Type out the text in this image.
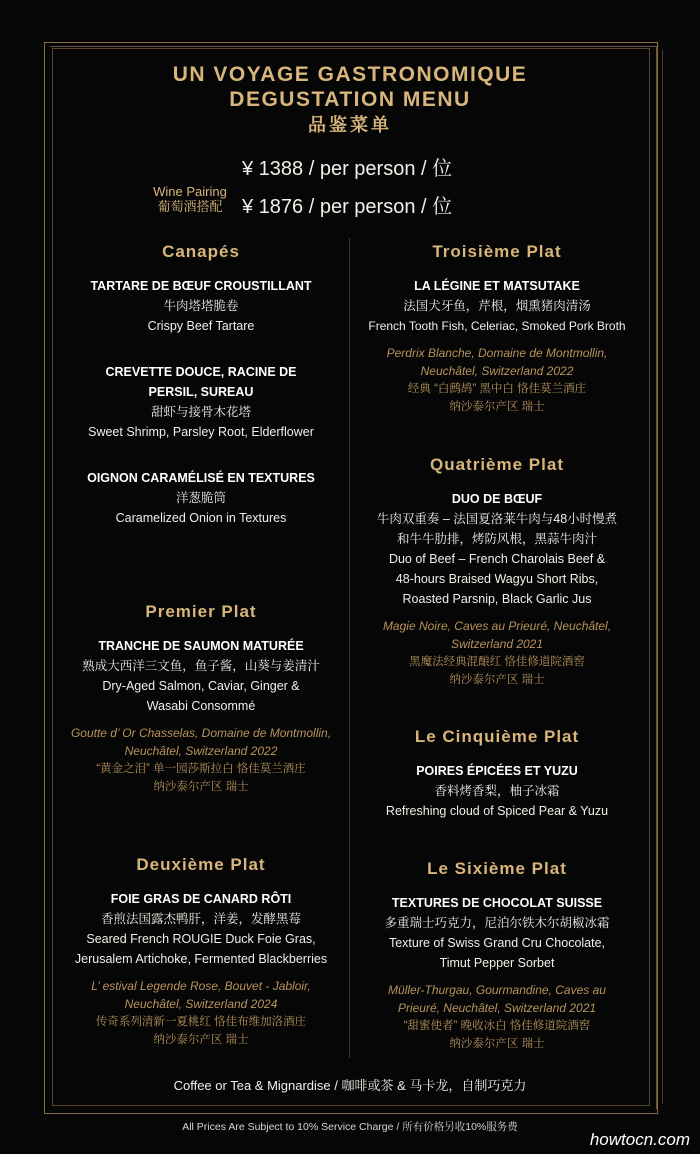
UN VOYAGE GASTRONOMIQUE
DEGUSTATION MENU
品鉴菜单
¥ 1388 / per person / 位
Wine Pairing
葡萄酒搭配 ¥ 1876 / per person / 位
Canapés
TARTARE DE BŒUF CROUSTILLANT
牛肉塔塔脆卷
Crispy Beef Tartare
CREVETTE DOUCE, RACINE DE
PERSIL, SUREAU
甜虾与接骨木花塔
Sweet Shrimp, Parsley Root, Elderflower
OIGNON CARAMÉLISÉ EN TEXTURES
洋葱脆筒
Caramelized Onion in Textures
Premier Plat
TRANCHE DE SAUMON MATURÉE
熟成大西洋三文鱼，鱼子酱，山葵与姜清汁
Dry-Aged Salmon, Caviar, Ginger &
Wasabi Consommé
Goutte d’ Or Chasselas, Domaine de Montmollin,
Neuchâtel, Switzerland 2022
“黄金之泪” 单一园莎斯拉白 恪佳莫兰酒庄
纳沙泰尔产区 瑞士
Deuxième Plat
FOIE GRAS DE CANARD RÔTI
香煎法国露杰鸭肝，洋姜，发酵黑莓
Seared French ROUGIE Duck Foie Gras,
Jerusalem Artichoke, Fermented Blackberries
L’ estival Legende Rose, Bouvet - Jabloir,
Neuchâtel, Switzerland 2024
传奇系列清新一夏桃红 恪佳布维加洛酒庄
纳沙泰尔产区 瑞士
Troisième Plat
LA LÉGINE ET MATSUTAKE
法国犬牙鱼，芹根，烟熏猪肉清汤
French Tooth Fish, Celeriac, Smoked Pork Broth
Perdrix Blanche, Domaine de Montmollin,
Neuchâtel, Switzerland 2022
经典 “白鹧鸪” 黑中白 恪佳莫兰酒庄
纳沙泰尔产区 瑞士
Quatrième Plat
DUO DE BŒUF
牛肉双重奏 – 法国夏洛莱牛肉与48小时慢煮
和牛牛肋排，烤防风根，黑蒜牛肉汁
Duo of Beef – French Charolais Beef &
48-hours Braised Wagyu Short Ribs,
Roasted Parsnip, Black Garlic Jus
Magie Noire, Caves au Prieuré, Neuchâtel,
Switzerland 2021
黑魔法经典混酿红 恪佳修道院酒窖
纳沙泰尔产区 瑞士
Le Cinquième Plat
POIRES ÉPICÉES ET YUZU
香料烤香梨，柚子冰霜
Refreshing cloud of Spiced Pear & Yuzu
Le Sixième Plat
TEXTURES DE CHOCOLAT SUISSE
多重瑞士巧克力，尼泊尔铁木尔胡椒冰霜
Texture of Swiss Grand Cru Chocolate,
Timut Pepper Sorbet
Müller-Thurgau, Gourmandine, Caves au
Prieuré, Neuchâtel, Switzerland 2021
“甜蜜使者” 晚收冰白 恪佳修道院酒窖
纳沙泰尔产区 瑞士
Coffee or Tea & Mignardise / 咖啡或茶 & 马卡龙，自制巧克力
All Prices Are Subject to 10% Service Charge / 所有价格另收10%服务费
howtocn.com
